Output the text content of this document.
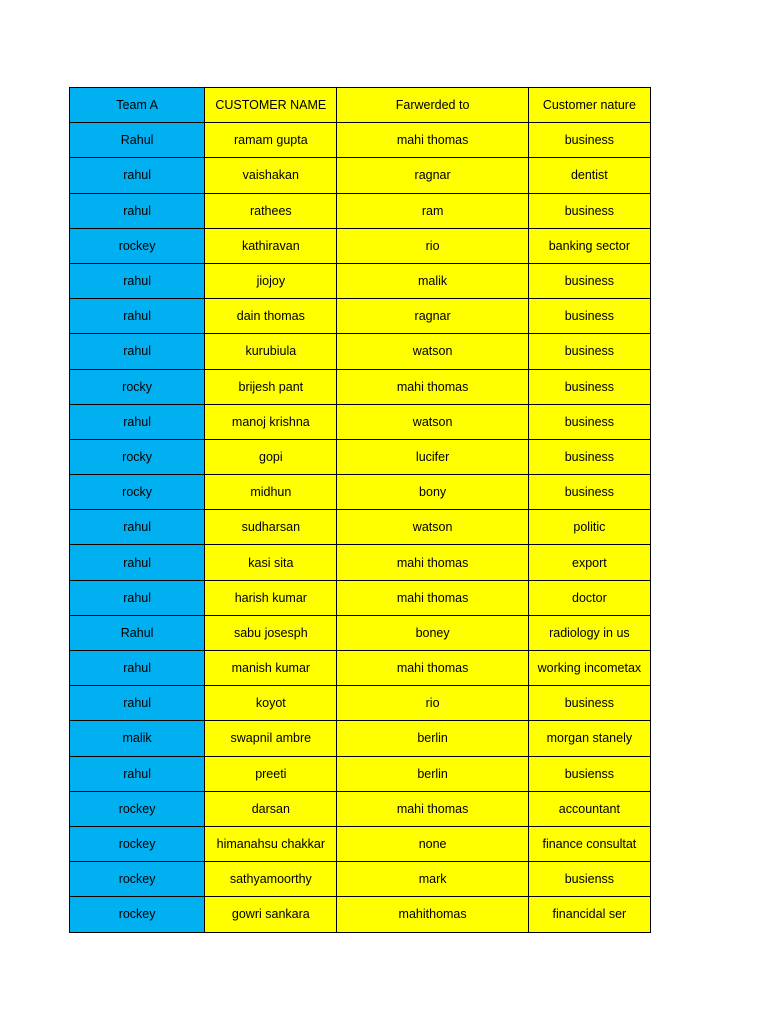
Team A	CUSTOMER NAME	Farwerded to	Customer nature
Rahul	ramam gupta	mahi thomas	business
rahul	vaishakan	ragnar	dentist
rahul	rathees	ram	business
rockey	kathiravan	rio	banking sector
rahul	jiojoy	malik	business
rahul	dain thomas	ragnar	business
rahul	kurubiula	watson	business
rocky	brijesh pant	mahi thomas	business
rahul	manoj krishna	watson	business
rocky	gopi	lucifer	business
rocky	midhun	bony	business
rahul	sudharsan	watson	politic
rahul	kasi sita	mahi thomas	export
rahul	harish kumar	mahi thomas	doctor
Rahul	sabu josesph	boney	radiology in us
rahul	manish kumar	mahi thomas	working incometax
rahul	koyot	rio	business
malik	swapnil ambre	berlin	morgan stanely
rahul	preeti	berlin	busienss
rockey	darsan	mahi thomas	accountant
rockey	himanahsu chakkar	none	finance consultat
rockey	sathyamoorthy	mark	busienss
rockey	gowri sankara	mahithomas	financidal ser
